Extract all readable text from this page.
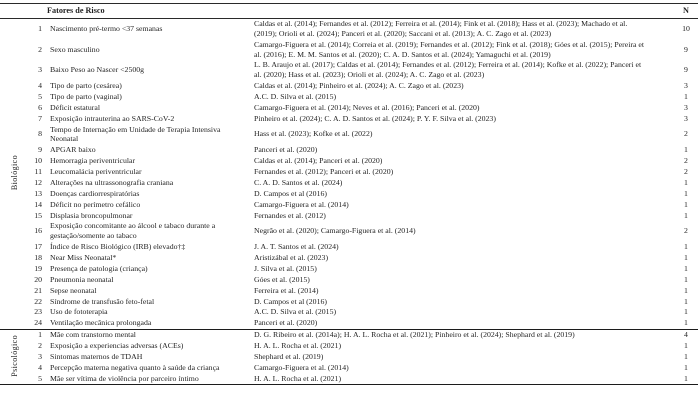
		Fatores de Risco		N
Biológico	1	Nascimento pré-termo <37 semanas	Caldas et al. (2014); Fernandes et al. (2012); Ferreira et al. (2014); Fink et al. (2018); Hass et al. (2023); Machado et al. (2019); Orioli et al. (2024); Panceri et al. (2020); Saccani et al. (2013); A. C. Zago et al. (2023)	10
	2	Sexo masculino	Camargo-Figuera et al. (2014); Correia et al. (2019); Fernandes et al. (2012); Fink et al. (2018); Góes et al. (2015); Pereira et al. (2016); E. M. M. Santos et al. (2020); C. A. D. Santos et al. (2024); Yamaguchi et al. (2019)	9
	3	Baixo Peso ao Nascer <2500g	L. B. Araujo et al. (2017); Caldas et al. (2014); Fernandes et al. (2012); Ferreira et al. (2014); Kofke et al. (2022); Panceri et al. (2020); Hass et al. (2023); Orioli et al. (2024); A. C. Zago et al. (2023)	9
	4	Tipo de parto (cesárea)	Caldas et al. (2014); Pinheiro et al. (2024); A. C. Zago et al. (2023)	3
	5	Tipo de parto (vaginal)	A.C. D. Silva et al. (2015)	1
	6	Déficit estatural	Camargo-Figuera et al. (2014); Neves et al. (2016); Panceri et al. (2020)	3
	7	Exposição intrauterina ao SARS-CoV-2	Pinheiro et al. (2024); C. A. D. Santos et al. (2024); P. Y. F. Silva et al. (2023)	3
	8	Tempo de Internação em Unidade de Terapia Intensiva Neonatal	Hass et al. (2023); Kofke et al. (2022)	2
	9	APGAR baixo	Panceri et al. (2020)	1
	10	Hemorragia periventricular	Caldas et al. (2014); Panceri et al. (2020)	2
	11	Leucomalácia periventricular	Fernandes et al. (2012); Panceri et al. (2020)	2
	12	Alterações na ultrassonografia craniana	C. A. D. Santos et al. (2024)	1
	13	Doenças cardiorrespiratórias	D. Campos et al (2016)	1
	14	Déficit no perímetro cefálico	Camargo-Figuera et al. (2014)	1
	15	Displasia broncopulmonar	Fernandes et al. (2012)	1
	16	Exposição concomitante ao álcool e tabaco durante a gestação/somente ao tabaco	Negrão et al. (2020); Camargo-Figuera et al. (2014)	2
	17	Índice de Risco Biológico (IRB) elevado†‡	J. A. T. Santos et al. (2024)	1
	18	Near Miss Neonatal*	Aristizábal et al. (2023)	1
	19	Presença de patologia (criança)	J. Silva et al. (2015)	1
	20	Pneumonia neonatal	Góes et al. (2015)	1
	21	Sepse neonatal	Ferreira et al. (2014)	1
	22	Síndrome de transfusão feto-fetal	D. Campos et al (2016)	1
	23	Uso de fototerapia	A.C. D. Silva et al. (2015)	1
	24	Ventilação mecânica prolongada	Panceri et al. (2020)	1
Psicológico	1	Mãe com transtorno mental	D. G. Ribeiro et al. (2014a); H. A. L. Rocha et al. (2021); Pinheiro et al. (2024); Shephard et al. (2019)	4
	2	Exposição a experiencias adversas (ACEs)	H. A. L. Rocha et al. (2021)	1
	3	Sintomas maternos de TDAH	Shephard et al. (2019)	1
	4	Percepção materna negativa quanto à saúde da criança	Camargo-Figuera et al. (2014)	1
	5	Mãe ser vítima de violência por parceiro íntimo	H. A. L. Rocha et al. (2021)	1
